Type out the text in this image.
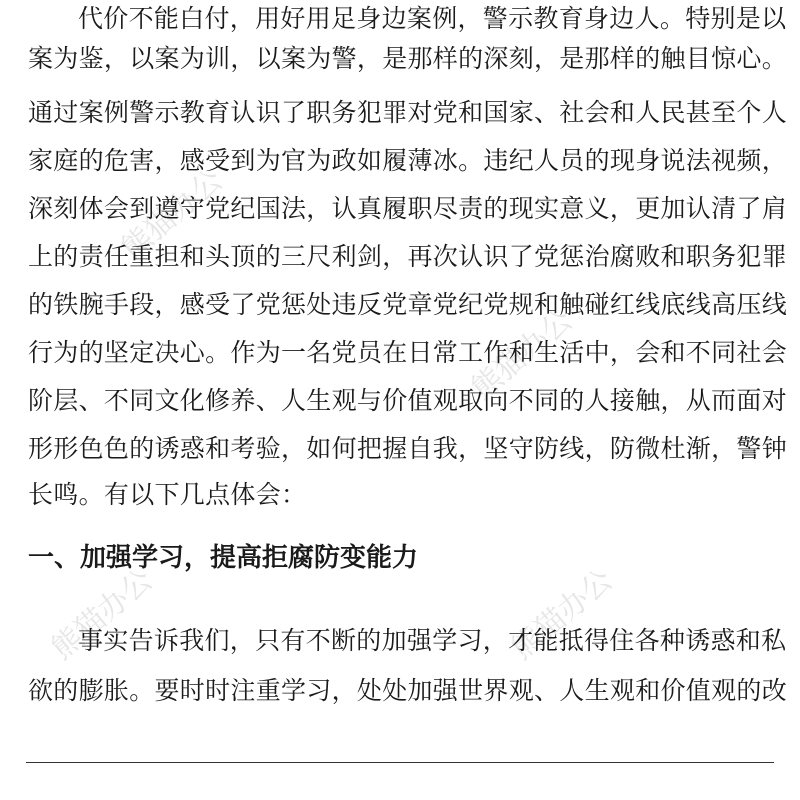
熊猫办公
熊猫办公
熊猫办公	熊猫办公
代价不能白付，用好用足身边案例，警示教育身边人。特别是以
案为鉴，以案为训，以案为警，是那样的深刻，是那样的触目惊心。
通过案例警示教育认识了职务犯罪对党和国家、社会和人民甚至个人
家庭的危害，感受到为官为政如履薄冰。违纪人员的现身说法视频，
深刻体会到遵守党纪国法，认真履职尽责的现实意义，更加认清了肩
上的责任重担和头顶的三尺利剑，再次认识了党惩治腐败和职务犯罪
的铁腕手段，感受了党惩处违反党章党纪党规和触碰红线底线高压线
行为的坚定决心。作为一名党员在日常工作和生活中，会和不同社会
阶层、不同文化修养、人生观与价值观取向不同的人接触，从而面对
形形色色的诱惑和考验，如何把握自我，坚守防线，防微杜渐，警钟
长鸣。有以下几点体会：
一、加强学习，提高拒腐防变能力
事实告诉我们，只有不断的加强学习，才能抵得住各种诱惑和私
欲的膨胀。要时时注重学习，处处加强世界观、人生观和价值观的改
